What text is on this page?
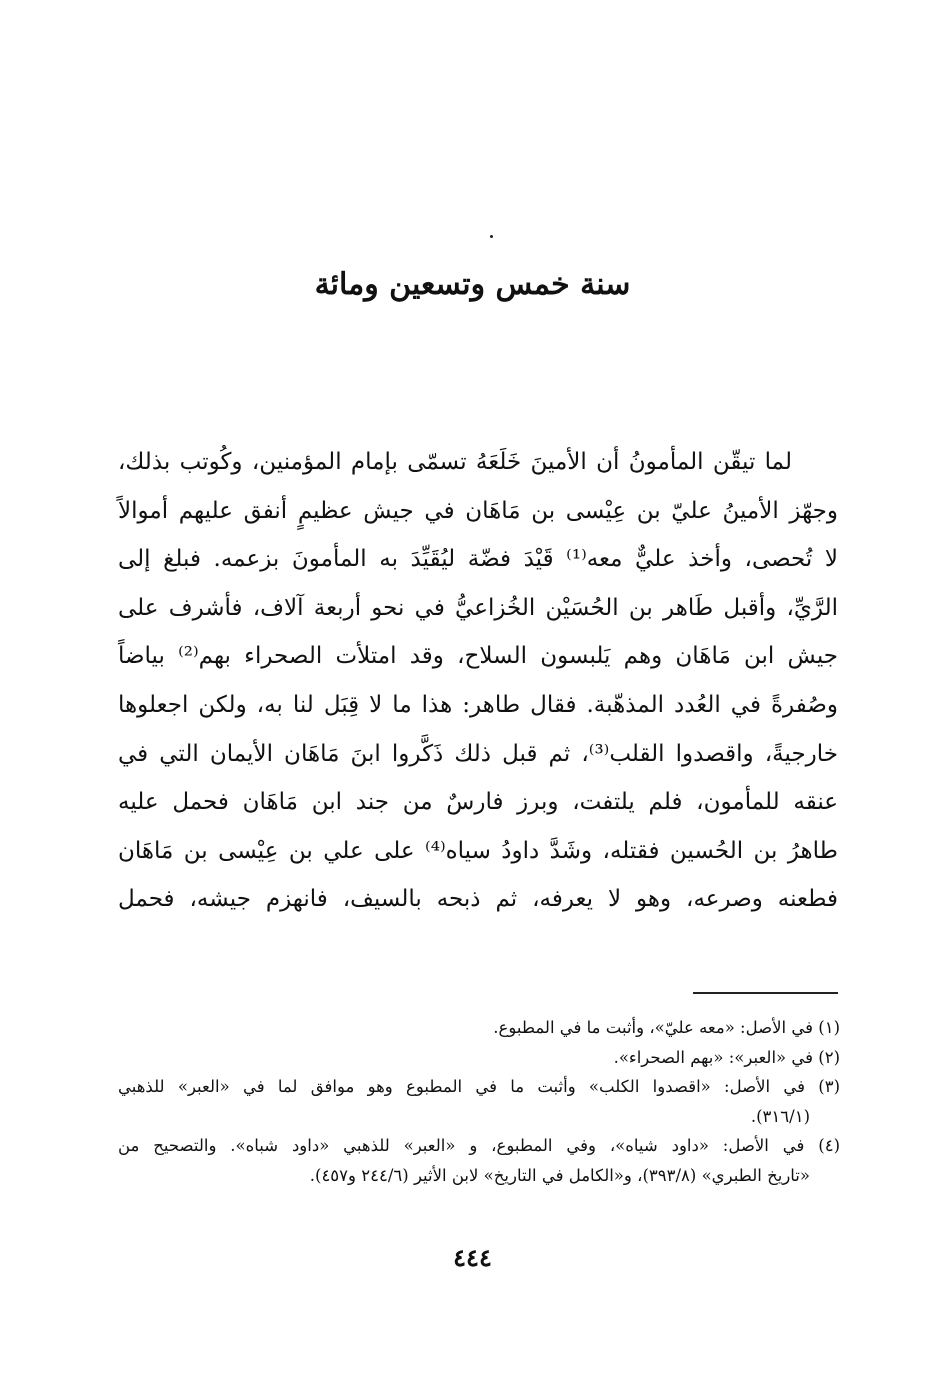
سنة خمس وتسعين ومائة
لما تيقّن المأمونُ أن الأمينَ خَلَعَهُ تسمّى بإمام المؤمنين، وكُوتب بذلك،
وجهّز الأمينُ عليّ بن عِيْسى بن مَاهَان في جيش عظيمٍ أنفق عليهم أموالاً
لا تُحصى، وأخذ عليٌّ معه⁽¹⁾ قَيْدَ فضّة ليُقَيِّدَ به المأمونَ بزعمه. فبلغ إلى
الرَّيِّ، وأقبل طَاهر بن الحُسَيْن الخُزاعيُّ في نحو أربعة آلاف، فأشرف على
جيش ابن مَاهَان وهم يَلبسون السلاح، وقد امتلأت الصحراء بهم⁽²⁾ بياضاً
وصُفرةً في العُدد المذهّبة. فقال طاهر: هذا ما لا قِبَل لنا به، ولكن اجعلوها
خارجيةً، واقصدوا القلب⁽³⁾، ثم قبل ذلك ذَكَّروا ابنَ مَاهَان الأيمان التي في
عنقه للمأمون، فلم يلتفت، وبرز فارسٌ من جند ابن مَاهَان فحمل عليه
طاهرُ بن الحُسين فقتله، وشَدَّ داودُ سياه⁽⁴⁾ على علي بن عِيْسى بن مَاهَان
فطعنه وصرعه، وهو لا يعرفه، ثم ذبحه بالسيف، فانهزم جيشه، فحمل
(١) في الأصل: «معه عليّ»، وأثبت ما في المطبوع.
(٢) في «العبر»: «بهم الصحراء».
(٣) في الأصل: «اقصدوا الكلب» وأثبت ما في المطبوع وهو موافق لما في «العبر» للذهبي
(٣١٦/١).
(٤) في الأصل: «داود شياه»، وفي المطبوع، و «العبر» للذهبي «داود شباه». والتصحيح من
«تاريخ الطبري» (٣٩٣/٨)، و«الكامل في التاريخ» لابن الأثير (٢٤٤/٦ و٤٥٧).
٤٤٤
